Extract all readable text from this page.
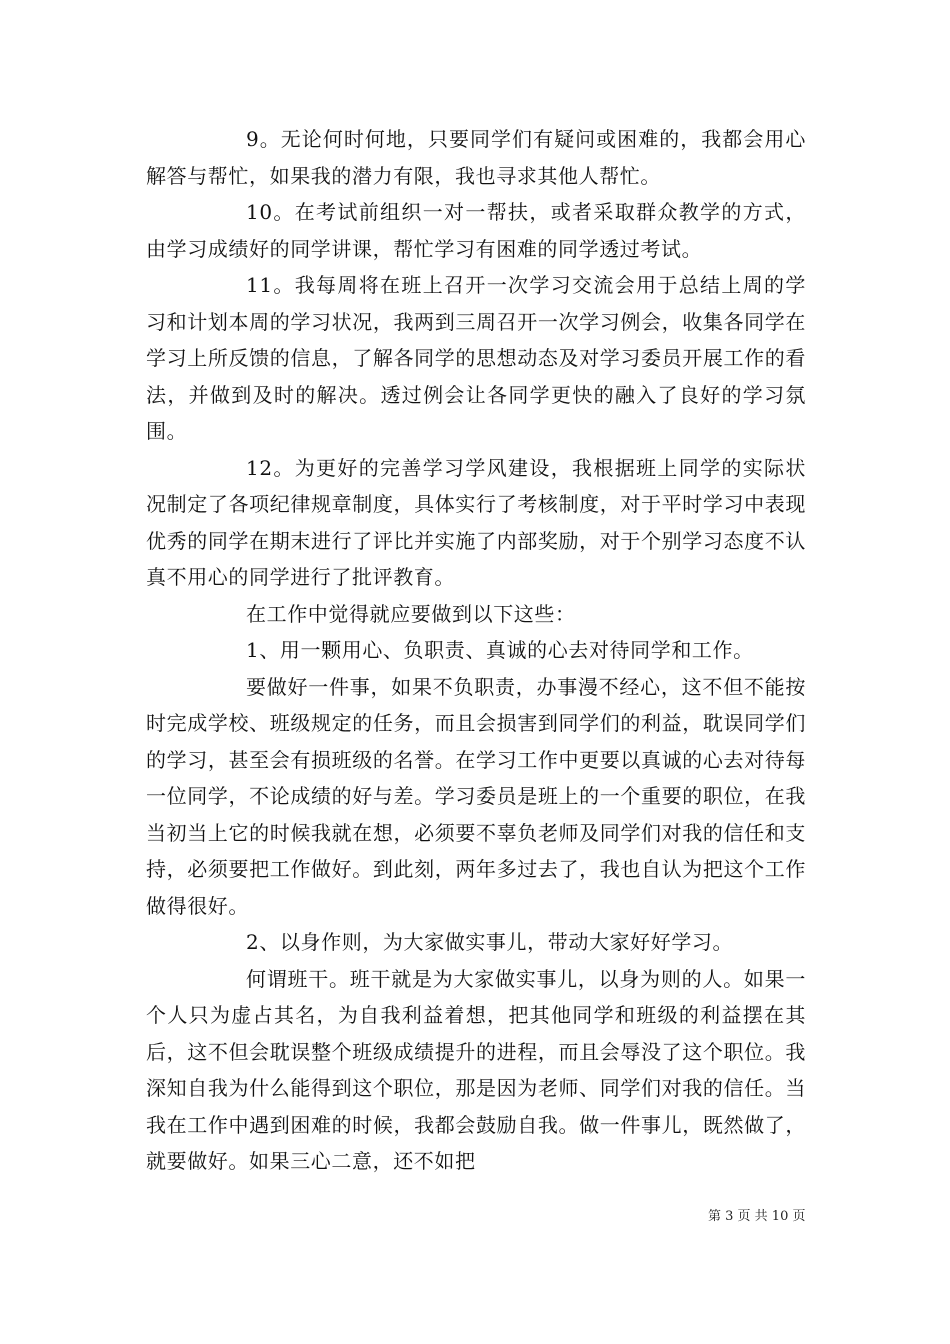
9。无论何时何地，只要同学们有疑问或困难的，我都会用心解答与帮忙，如果我的潜力有限，我也寻求其他人帮忙。

10。在考试前组织一对一帮扶，或者采取群众教学的方式，由学习成绩好的同学讲课，帮忙学习有困难的同学透过考试。

11。我每周将在班上召开一次学习交流会用于总结上周的学习和计划本周的学习状况，我两到三周召开一次学习例会，收集各同学在学习上所反馈的信息，了解各同学的思想动态及对学习委员开展工作的看法，并做到及时的解决。透过例会让各同学更快的融入了良好的学习氛围。

12。为更好的完善学习学风建设，我根据班上同学的实际状况制定了各项纪律规章制度，具体实行了考核制度，对于平时学习中表现优秀的同学在期末进行了评比并实施了内部奖励，对于个别学习态度不认真不用心的同学进行了批评教育。

在工作中觉得就应要做到以下这些：

1、用一颗用心、负职责、真诚的心去对待同学和工作。

要做好一件事，如果不负职责，办事漫不经心，这不但不能按时完成学校、班级规定的任务，而且会损害到同学们的利益，耽误同学们的学习，甚至会有损班级的名誉。在学习工作中更要以真诚的心去对待每一位同学，不论成绩的好与差。学习委员是班上的一个重要的职位，在我当初当上它的时候我就在想，必须要不辜负老师及同学们对我的信任和支持，必须要把工作做好。到此刻，两年多过去了，我也自认为把这个工作做得很好。

2、以身作则，为大家做实事儿，带动大家好好学习。

何谓班干。班干就是为大家做实事儿，以身为则的人。如果一个人只为虚占其名，为自我利益着想，把其他同学和班级的利益摆在其后，这不但会耽误整个班级成绩提升的进程，而且会辱没了这个职位。我深知自我为什么能得到这个职位，那是因为老师、同学们对我的信任。当我在工作中遇到困难的时候，我都会鼓励自我。做一件事儿，既然做了，就要做好。如果三心二意，还不如把

第 3 页 共 10 页
